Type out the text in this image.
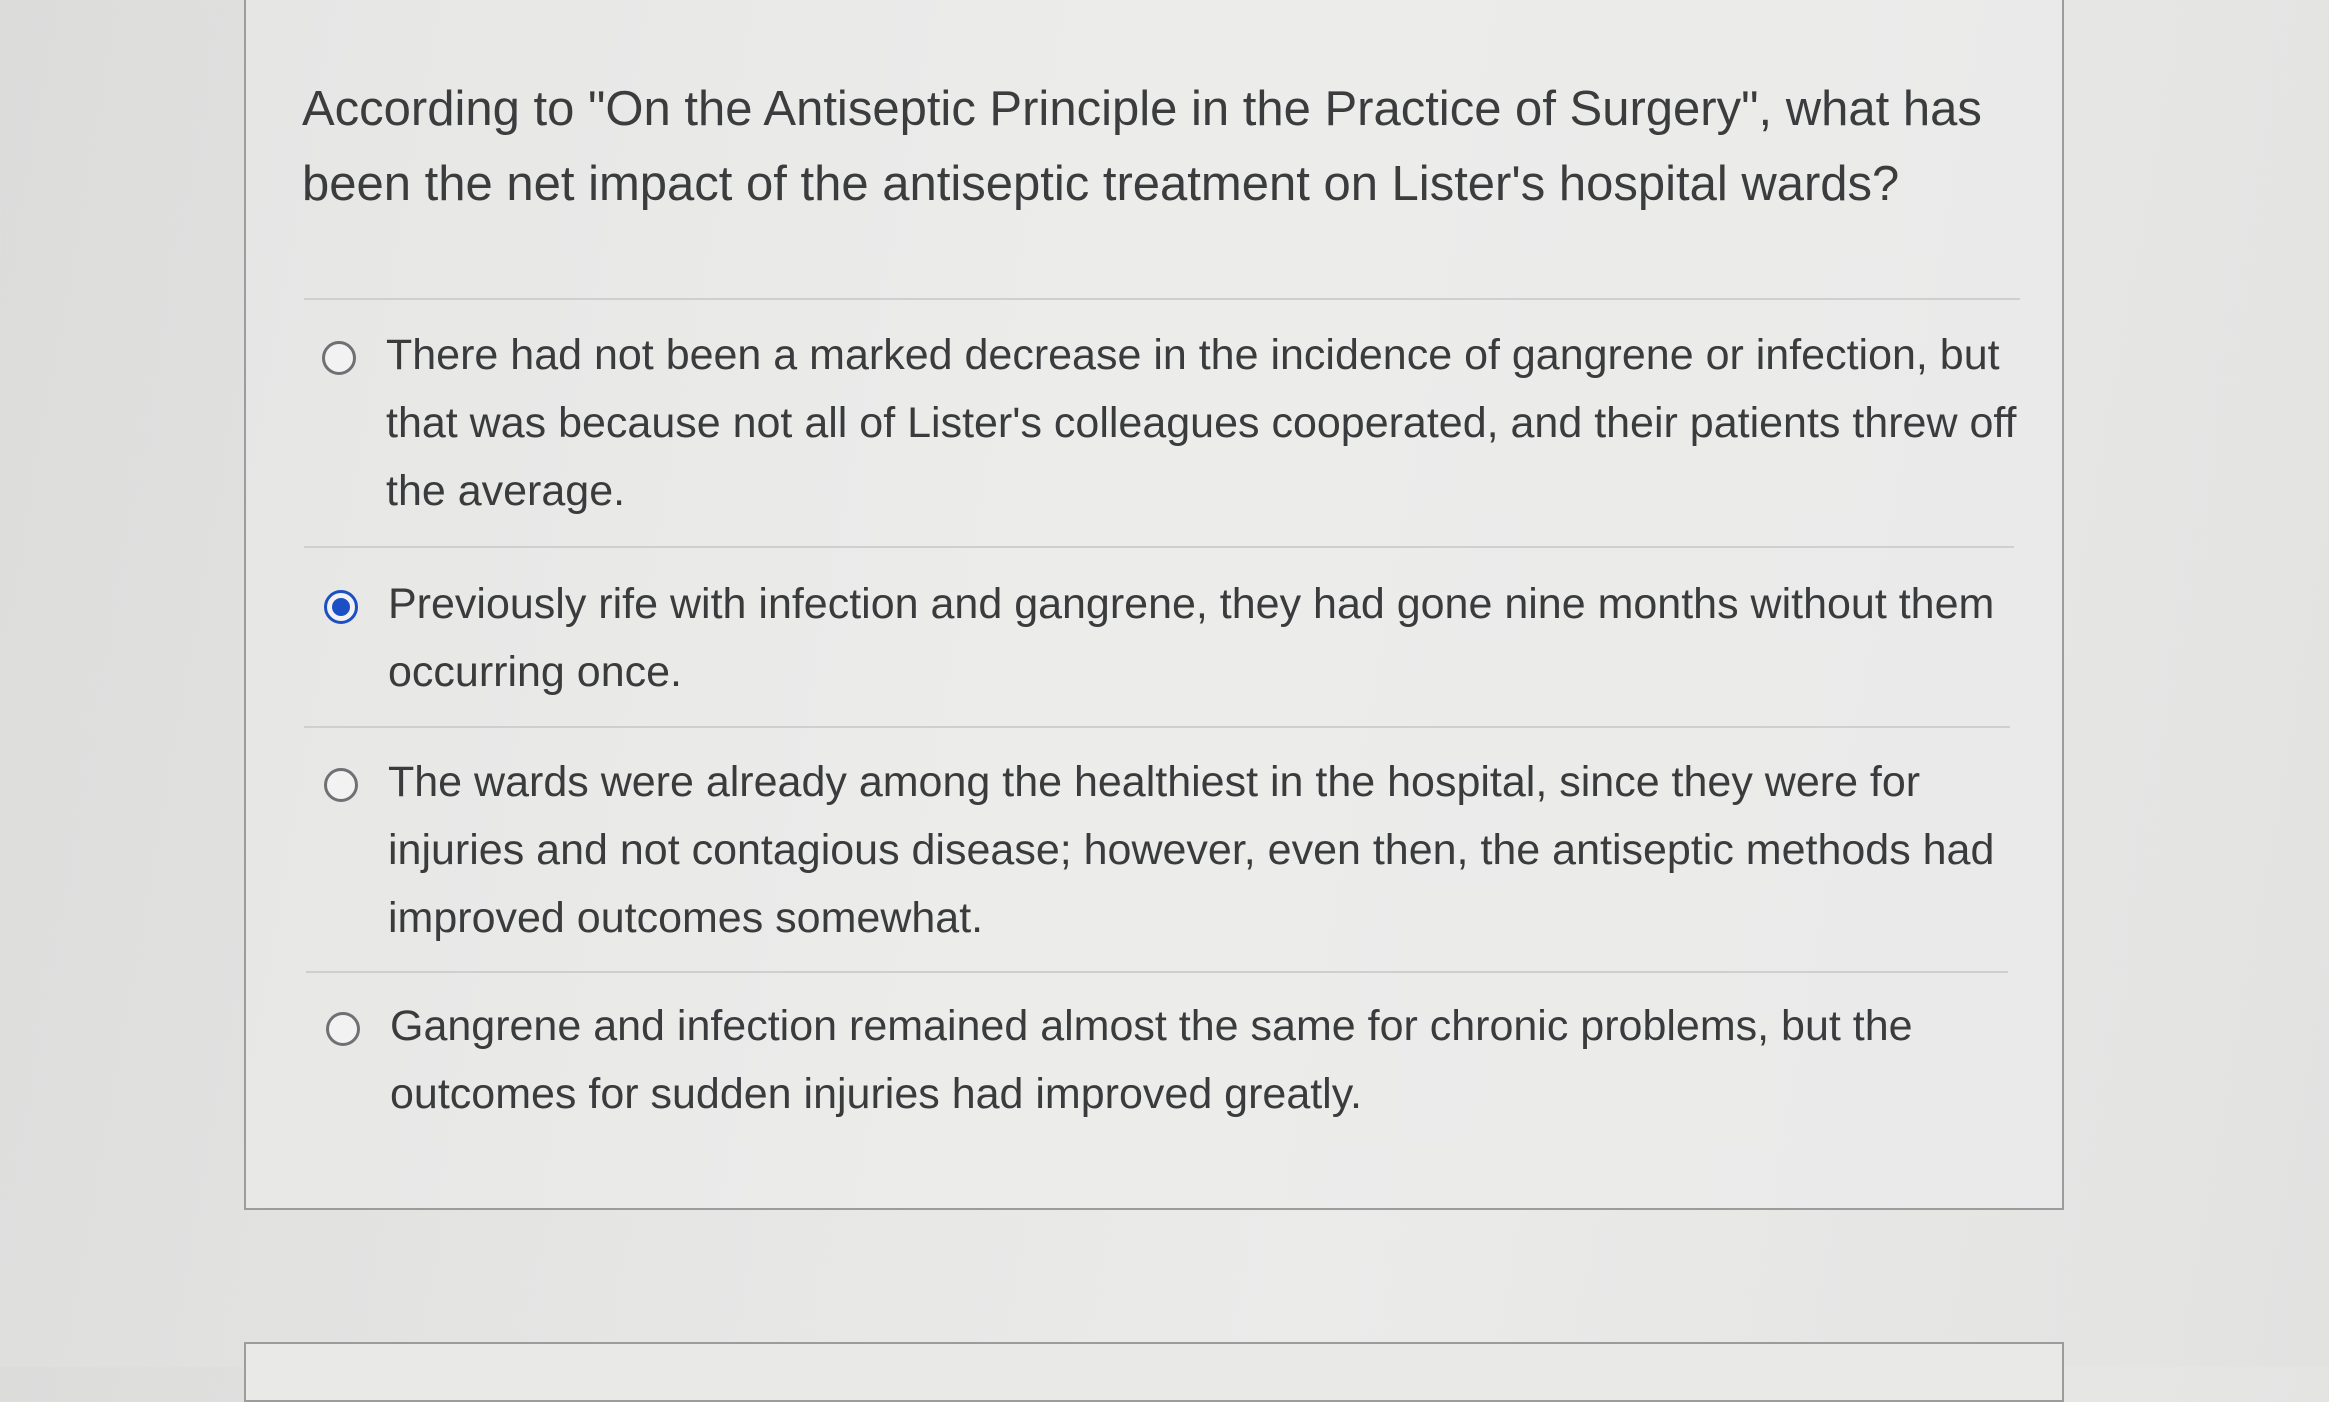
According to "On the Antiseptic Principle in the Practice of Surgery", what has been the net impact of the antiseptic treatment on Lister's hospital wards?

There had not been a marked decrease in the incidence of gangrene or infection, but that was because not all of Lister's colleagues cooperated, and their patients threw off the average.
Previously rife with infection and gangrene, they had gone nine months without them occurring once.
The wards were already among the healthiest in the hospital, since they were for injuries and not contagious disease; however, even then, the antiseptic methods had improved outcomes somewhat.
Gangrene and infection remained almost the same for chronic problems, but the outcomes for sudden injuries had improved greatly.
